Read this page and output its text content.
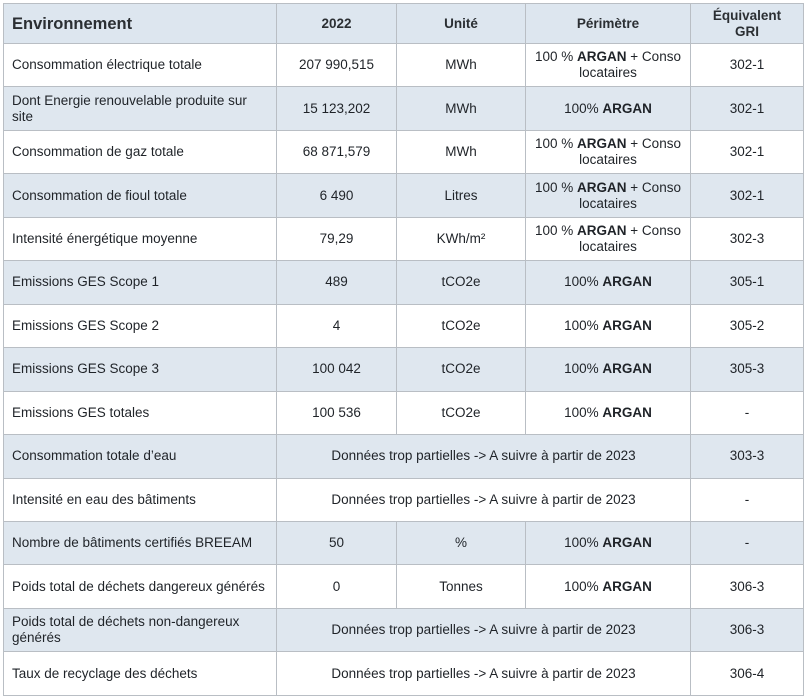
Environnement	2022	Unité	Périmètre	Équivalent GRI
Consommation électrique totale	207 990,515	MWh	100 % ARGAN + Conso locataires	302-1
Dont Energie renouvelable produite sur site	15 123,202	MWh	100% ARGAN	302-1
Consommation de gaz totale	68 871,579	MWh	100 % ARGAN + Conso locataires	302-1
Consommation de fioul totale	6 490	Litres	100 % ARGAN + Conso locataires	302-1
Intensité énergétique moyenne	79,29	KWh/m²	100 % ARGAN + Conso locataires	302-3
Emissions GES Scope 1	489	tCO2e	100% ARGAN	305-1
Emissions GES Scope 2	4	tCO2e	100% ARGAN	305-2
Emissions GES Scope 3	100 042	tCO2e	100% ARGAN	305-3
Emissions GES totales	100 536	tCO2e	100% ARGAN	-
Consommation totale d’eau	Données trop partielles -> A suivre à partir de 2023			303-3
Intensité en eau des bâtiments	Données trop partielles -> A suivre à partir de 2023			-
Nombre de bâtiments certifiés BREEAM	50	%	100% ARGAN	-
Poids total de déchets dangereux générés	0	Tonnes	100% ARGAN	306-3
Poids total de déchets non-dangereux générés	Données trop partielles -> A suivre à partir de 2023			306-3
Taux de recyclage des déchets	Données trop partielles -> A suivre à partir de 2023			306-4
